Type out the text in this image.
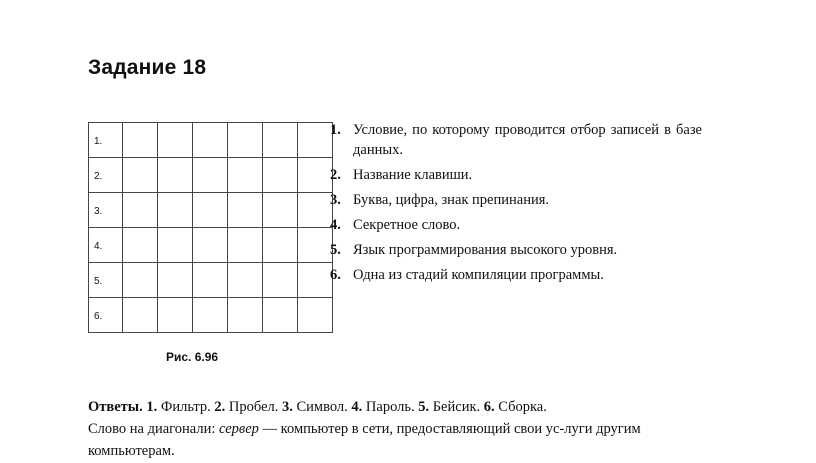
Задание 18
1.						
2.						
3.						
4.						
5.						
6.						
Рис. 6.96
1. Условие, по которому проводится отбор записей в базе данных.
2. Название клавиши.
3. Буква, цифра, знак препинания.
4. Секретное слово.
5. Язык программирования высокого уровня.
6. Одна из стадий компиляции программы.
Ответы. 1. Фильтр. 2. Пробел. 3. Символ. 4. Пароль. 5. Бейсик. 6. Сборка.
Слово на диагонали: сервер — компьютер в сети, предоставляющий свои ус-луги другим компьютерам.
